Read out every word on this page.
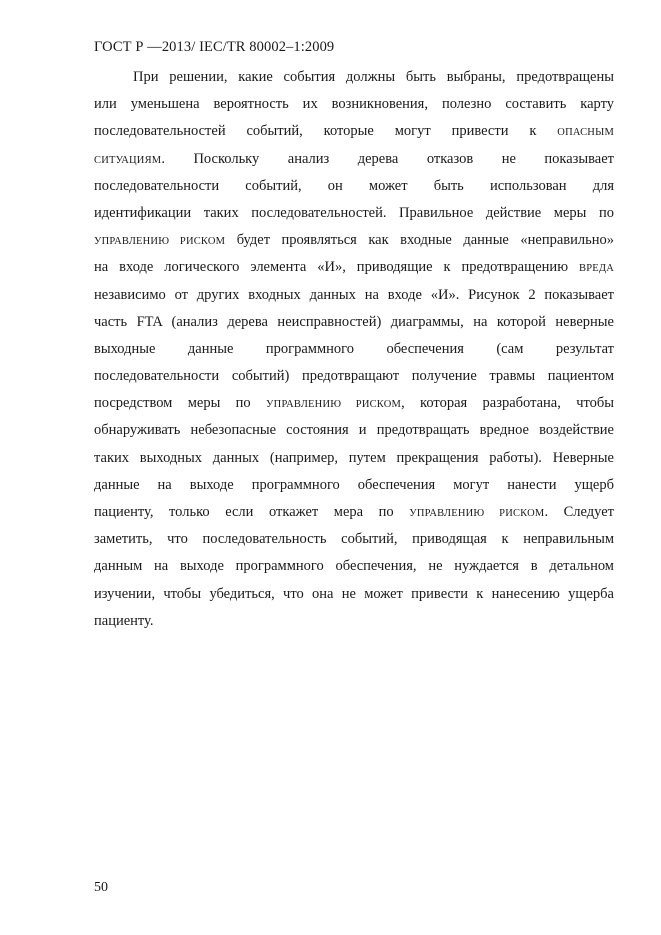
ГОСТ Р —2013/ IEC/TR 80002–1:2009
При решении, какие события должны быть выбраны, предотвращены
или уменьшена вероятность их возникновения, полезно составить карту
последовательностей событий, которые могут привести к ОПАСНЫМ
СИТУАЦИЯМ. Поскольку анализ дерева отказов не показывает
последовательности событий, он может быть использован для
идентификации таких последовательностей. Правильное действие меры по
УПРАВЛЕНИЮ РИСКОМ будет проявляться как входные данные «неправильно»
на входе логического элемента «И», приводящие к предотвращению ВРЕДА
независимо от других входных данных на входе «И». Рисунок 2 показывает
часть FTA (анализ дерева неисправностей) диаграммы, на которой неверные
выходные данные программного обеспечения (сам результат
последовательности событий) предотвращают получение травмы пациентом
посредством меры по УПРАВЛЕНИЮ РИСКОМ, которая разработана, чтобы
обнаруживать небезопасные состояния и предотвращать вредное воздействие
таких выходных данных (например, путем прекращения работы). Неверные
данные на выходе программного обеспечения могут нанести ущерб
пациенту, только если откажет мера по УПРАВЛЕНИЮ РИСКОМ. Следует
заметить, что последовательность событий, приводящая к неправильным
данным на выходе программного обеспечения, не нуждается в детальном
изучении, чтобы убедиться, что она не может привести к нанесению ущерба
пациенту.
50
